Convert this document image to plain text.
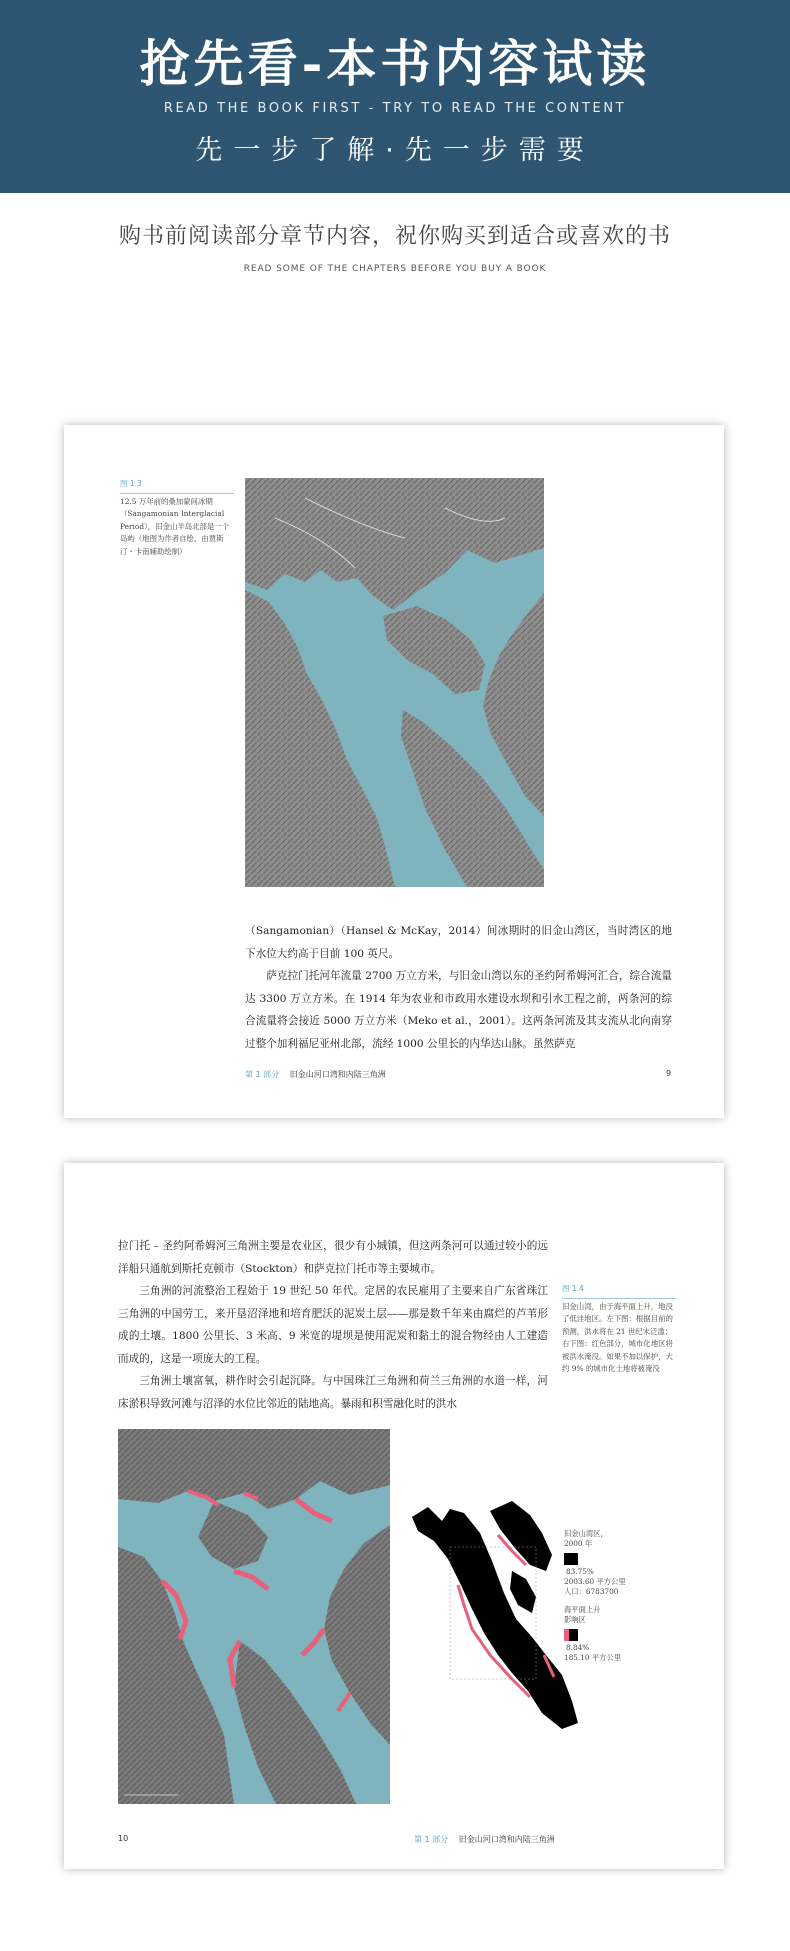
抢先看-本书内容试读
READ THE BOOK FIRST - TRY TO READ THE CONTENT
先一步了解·先一步需要
购书前阅读部分章节内容，祝你购买到适合或喜欢的书
READ SOME OF THE CHAPTERS BEFORE YOU BUY A BOOK
图 1.3
12.5 万年前的桑加蒙间冰期（Sangamonian Interglacial Period），旧金山半岛北部是一个岛屿（地图为作者自绘，由贾斯汀・卡南辅助绘制）

（Sangamonian）（Hansel & McKay，2014）间冰期时的旧金山湾区，当时湾区的地下水位大约高于目前 100 英尺。

萨克拉门托河年流量 2700 万立方米，与旧金山湾以东的圣约阿希姆河汇合，综合流量达 3300 万立方米。在 1914 年为农业和市政用水建设水坝和引水工程之前，两条河的综合流量将会接近 5000 万立方米（Meko et al.，2001）。这两条河流及其支流从北向南穿过整个加利福尼亚州北部，流经 1000 公里长的内华达山脉。虽然萨克

第 1 部分 旧金山河口湾和内陆三角洲	9

拉门托 – 圣约阿希姆河三角洲主要是农业区，很少有小城镇，但这两条河可以通过较小的远洋船只通航到斯托克顿市（Stockton）和萨克拉门托市等主要城市。

三角洲的河流整治工程始于 19 世纪 50 年代。定居的农民雇用了主要来自广东省珠江三角洲的中国劳工，来开垦沼泽地和培育肥沃的泥炭土层——那是数千年来由腐烂的芦苇形成的土壤。1800 公里长、3 米高、9 米宽的堤坝是使用泥炭和黏土的混合物经由人工建造而成的，这是一项庞大的工程。

三角洲土壤富氧，耕作时会引起沉降。与中国珠江三角洲和荷兰三角洲的水道一样，河床淤积导致河滩与沼泽的水位比邻近的陆地高。暴雨和积雪融化时的洪水

图 1.4
旧金山湾，由于海平面上升，地没了低洼地区。左下图：根据目前的预测，洪水将在 21 世纪末泛滥；右下图：红色部分，城市化地区将被洪水淹没。如果不加以保护，大约 9% 的城市化土地将被淹没
旧金山湾区，
2000 年
83.75%
2003.60 平方公里
人口：6783700
海平面上升
影响区
8.84%
185.10 平方公里
10	第 1 部分 旧金山河口湾和内陆三角洲
